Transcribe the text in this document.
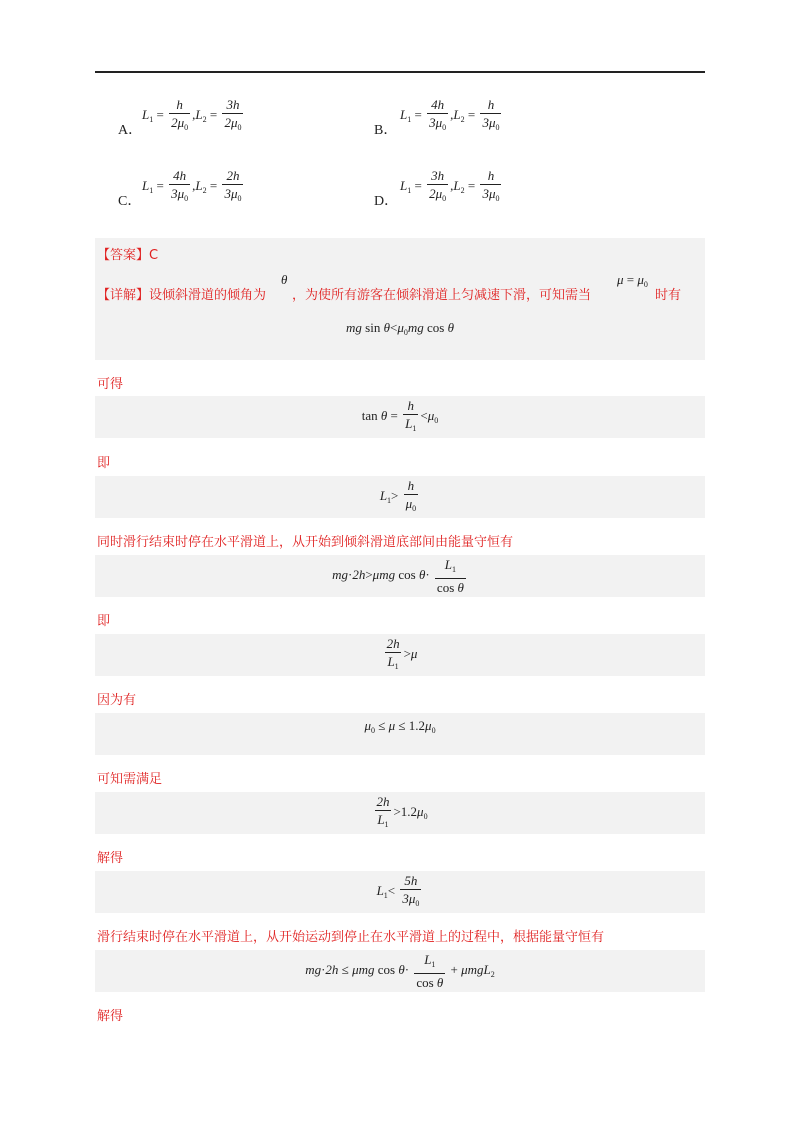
A．
$L_1 = \frac{h}{2\mu_0} ,L_2 = \frac{3h}{2\mu_0}$	B．
$L_1 = \frac{4h}{3\mu_0} ,L_2 = \frac{h}{3\mu_0}$
C．
$L_1 = \frac{4h}{3\mu_0} ,L_2 = \frac{2h}{3\mu_0}$	D．
$L_1 = \frac{3h}{2\mu_0} ,L_2 = \frac{h}{3\mu_0}$
【答案】C
【详解】设倾斜滑道的倾角为
θ
，为使所有游客在倾斜滑道上匀减速下滑，可知需当
$\mu = \mu_0$
时有
mg $\sin \theta<\mu_0mg$ cos θ
可得
$\tan \theta = \frac{h}{L_1} <\mu_0$
即
$L_1> \frac{h}{\mu_0}$
同时滑行结束时停在水平滑道上，从开始到倾斜滑道底部间由能量守恒有
mg·2h>μmg $\cos \theta\cdot \frac{L_1}{\text{cos θ}}$
即
$\frac{2h}{L_1} >\mu$
因为有
$\mu_0 \le \mu \le 1.2\mu_0$
可知需满足
$\frac{2h}{L_1} >1.2\mu_0$
解得
$L_1< \frac{5h}{3\mu_0}$
滑行结束时停在水平滑道上，从开始运动到停止在水平滑道上的过程中，根据能量守恒有
mg·2h ≤ μmg $\cos \theta\cdot \frac{L_1}{\text{cos θ}} + \mu mgL_2$
解得
